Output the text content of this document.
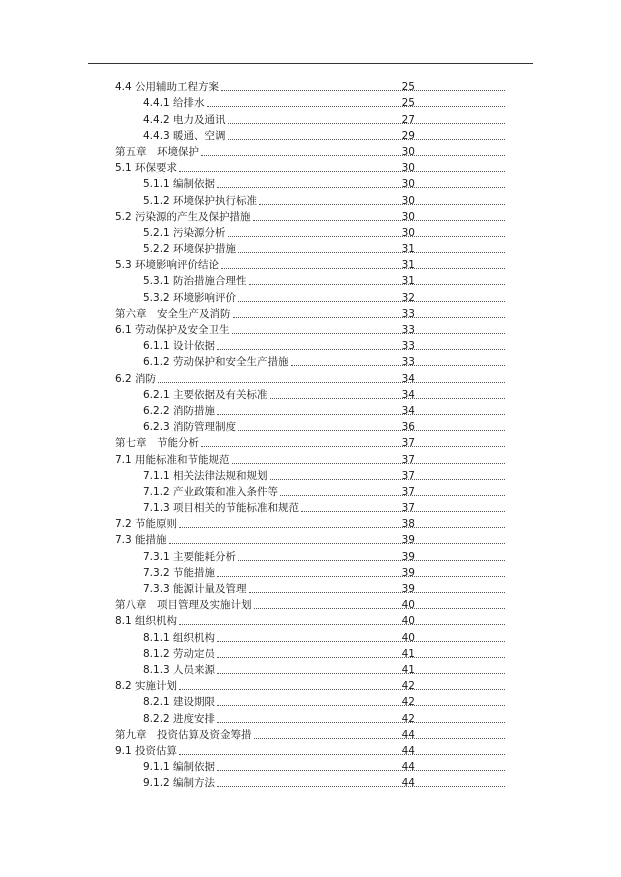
4.4 公用辅助工程方案	25
4.4.1 给排水	25
4.4.2 电力及通讯	27
4.4.3 暖通、空调	29
第五章　环境保护	30
5.1 环保要求	30
5.1.1 编制依据	30
5.1.2 环境保护执行标准	30
5.2 污染源的产生及保护措施	30
5.2.1 污染源分析	30
5.2.2 环境保护措施	31
5.3 环境影响评价结论	31
5.3.1 防治措施合理性	31
5.3.2 环境影响评价	32
第六章　安全生产及消防	33
6.1 劳动保护及安全卫生	33
6.1.1 设计依据	33
6.1.2 劳动保护和安全生产措施	33
6.2 消防	34
6.2.1 主要依据及有关标准	34
6.2.2 消防措施	34
6.2.3 消防管理制度	36
第七章　节能分析	37
7.1 用能标准和节能规范	37
7.1.1 相关法律法规和规划	37
7.1.2 产业政策和准入条件等	37
7.1.3 项目相关的节能标准和规范	37
7.2 节能原则	38
7.3 能措施	39
7.3.1 主要能耗分析	39
7.3.2 节能措施	39
7.3.3 能源计量及管理	39
第八章　项目管理及实施计划	40
8.1 组织机构	40
8.1.1 组织机构	40
8.1.2 劳动定员	41
8.1.3 人员来源	41
8.2 实施计划	42
8.2.1 建设期限	42
8.2.2 进度安排	42
第九章　投资估算及资金筹措	44
9.1 投资估算	44
9.1.1 编制依据	44
9.1.2 编制方法	44
